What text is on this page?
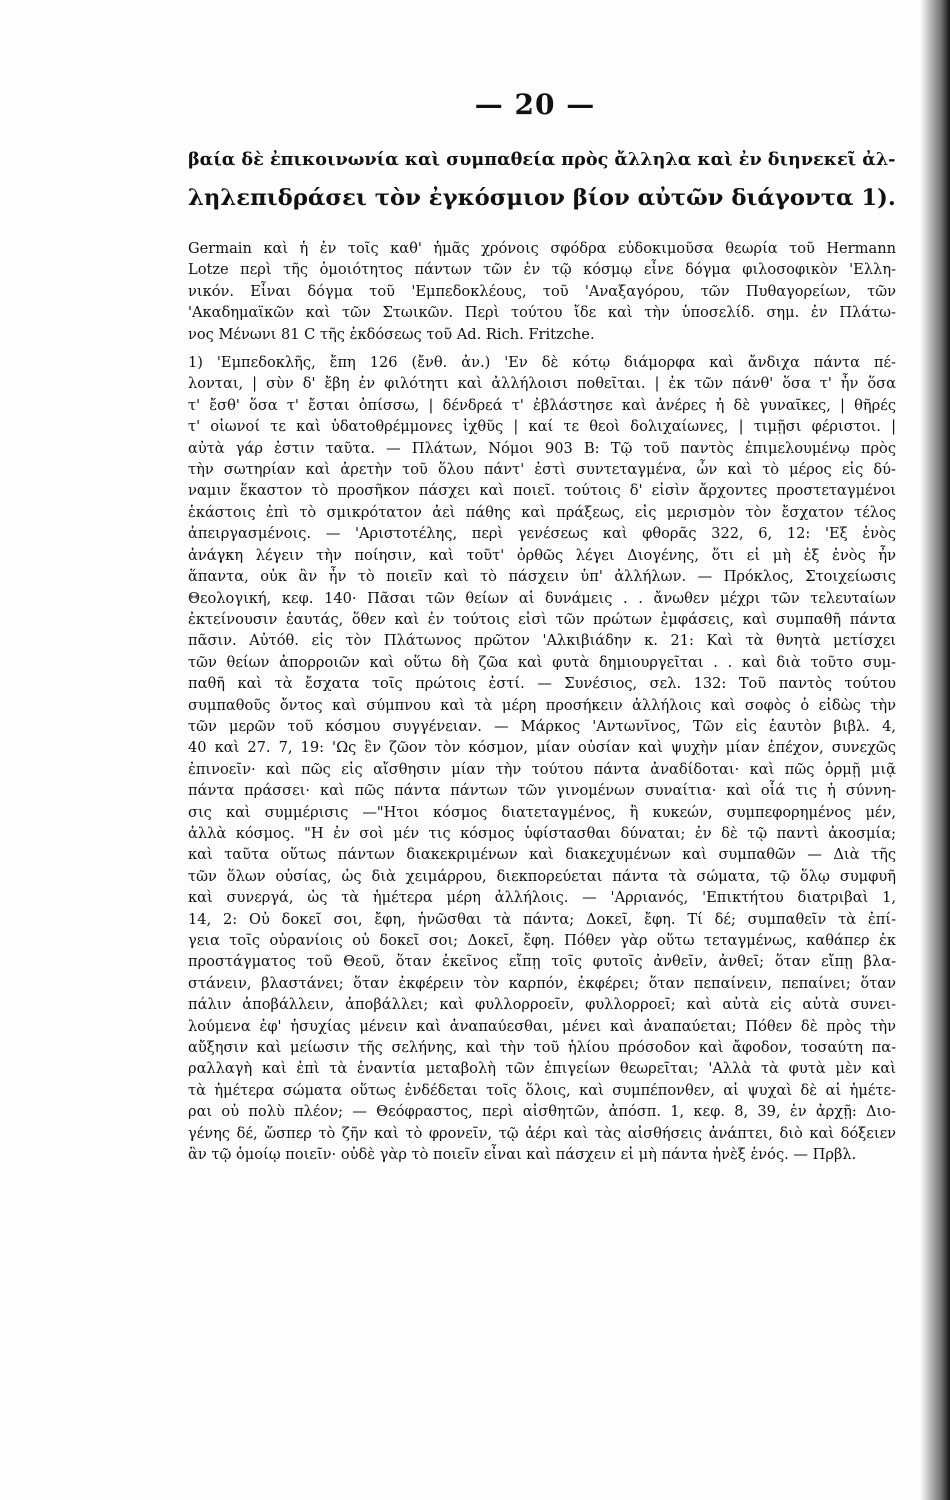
— 20 —
βαία δὲ ἐπικοινωνία καὶ συμπαθεία πρὸς ἄλληλα καὶ ἐν διηνεκεῖ ἀλ-
ληλεπιδράσει τὸν ἐγκόσμιον βίον αὐτῶν διάγοντα 1).
Germain καὶ ἡ ἐν τοῖς καθ' ἡμᾶς χρόνοις σφόδρα εὐδοκιμοῦσα θεωρία τοῦ Hermann
Lotze περὶ τῆς ὁμοιότητος πάντων τῶν ἐν τῷ κόσμῳ εἶνε δόγμα φιλοσοφικὸν 'Ελλη-
νικόν. Εἶναι δόγμα τοῦ 'Εμπεδοκλέους, τοῦ 'Αναξαγόρου, τῶν Πυθαγορείων, τῶν
'Ακαδημαϊκῶν καὶ τῶν Στωικῶν. Περὶ τούτου ἴδε καὶ τὴν ὑποσελίδ. σημ. ἐν Πλάτω-
νος Μένωνι 81 C τῆς ἐκδόσεως τοῦ Ad. Rich. Fritzche.
1) 'Εμπεδοκλῆς, ἔπη 126 (ἔνθ. ἀν.) 'Εν δὲ κότῳ διάμορφα καὶ ἄνδιχα πάντα πέ-
λονται, | σὺν δ' ἔβη ἐν φιλότητι καὶ ἀλλήλοισι ποθεῖται. | ἐκ τῶν πάνθ' ὅσα τ' ἦν ὅσα
τ' ἔσθ' ὅσα τ' ἔσται ὀπίσσω, | δένδρεά τ' ἐβλάστησε καὶ ἀνέρες ἠ δὲ γυναῖκες, | θῆρές
τ' οἰωνοί τε καὶ ὑδατοθρέμμονες ἰχθῦς | καί τε θεοὶ δολιχαίωνες, | τιμῇσι φέριστοι. |
αὐτὰ γάρ ἐστιν ταῦτα. — Πλάτων, Νόμοι 903 B: Τῷ τοῦ παντὸς ἐπιμελουμένῳ πρὸς
τὴν σωτηρίαν καὶ ἀρετὴν τοῦ ὅλου πάντ' ἐστὶ συντεταγμένα, ὧν καὶ τὸ μέρος εἰς δύ-
ναμιν ἕκαστον τὸ προσῆκον πάσχει καὶ ποιεῖ. τούτοις δ' εἰσὶν ἄρχοντες προστεταγμένοι
ἑκάστοις ἐπὶ τὸ σμικρότατον ἀεὶ πάθης καὶ πράξεως, εἰς μερισμὸν τὸν ἔσχατον τέλος
ἀπειργασμένοις. — 'Αριστοτέλης, περὶ γενέσεως καὶ φθορᾶς 322, 6, 12: 'Εξ ἑνὸς
ἀνάγκη λέγειν τὴν ποίησιν, καὶ τοῦτ' ὀρθῶς λέγει Διογένης, ὅτι εἰ μὴ ἐξ ἑνὸς ἦν
ἅπαντα, οὐκ ἂν ἦν τὸ ποιεῖν καὶ τὸ πάσχειν ὑπ' ἀλλήλων. — Πρόκλος, Στοιχείωσις
Θεολογική, κεφ. 140· Πᾶσαι τῶν θείων αἱ δυνάμεις . . ἄνωθεν μέχρι τῶν τελευταίων
ἐκτείνουσιν ἑαυτάς, ὅθεν καὶ ἐν τούτοις εἰσὶ τῶν πρώτων ἐμφάσεις, καὶ συμπαθῆ πάντα
πᾶσιν. Αὐτόθ. εἰς τὸν Πλάτωνος πρῶτον 'Αλκιβιάδην κ. 21: Καὶ τὰ θνητὰ μετίσχει
τῶν θείων ἀπορροιῶν καὶ οὕτω δὴ ζῶα καὶ φυτὰ δημιουργεῖται . . καὶ διὰ τοῦτο συμ-
παθῆ καὶ τὰ ἔσχατα τοῖς πρώτοις ἐστί. — Συνέσιος, σελ. 132: Τοῦ παντὸς τούτου
συμπαθοῦς ὄντος καὶ σύμπνου καὶ τὰ μέρη προσήκειν ἀλλήλοις καὶ σοφὸς ὁ εἰδὼς τὴν
τῶν μερῶν τοῦ κόσμου συγγένειαν. — Μάρκος 'Αντωνῖνος, Τῶν εἰς ἑαυτὸν βιβλ. 4,
40 καὶ 27. 7, 19: 'Ως ἓν ζῶον τὸν κόσμον, μίαν οὐσίαν καὶ ψυχὴν μίαν ἐπέχον, συνεχῶς
ἐπινοεῖν· καὶ πῶς εἰς αἴσθησιν μίαν τὴν τούτου πάντα ἀναδίδοται· καὶ πῶς ὁρμῇ μιᾷ
πάντα πράσσει· καὶ πῶς πάντα πάντων τῶν γινομένων συναίτια· καὶ οἷά τις ἡ σύννη-
σις καὶ συμμέρισις —"Ητοι κόσμος διατεταγμένος, ἢ κυκεών, συμπεφορημένος μέν,
ἀλλὰ κόσμος. "Η ἐν σοὶ μέν τις κόσμος ὑφίστασθαι δύναται; ἐν δὲ τῷ παντὶ ἀκοσμία;
καὶ ταῦτα οὕτως πάντων διακεκριμένων καὶ διακεχυμένων καὶ συμπαθῶν — Διὰ τῆς
τῶν ὅλων οὐσίας, ὡς διὰ χειμάρρου, διεκπορεύεται πάντα τὰ σώματα, τῷ ὅλῳ συμφυῆ
καὶ συνεργά, ὡς τὰ ἡμέτερα μέρη ἀλλήλοις. — 'Αρριανός, 'Επικτήτου διατριβαὶ 1,
14, 2: Οὐ δοκεῖ σοι, ἔφη, ἡνῶσθαι τὰ πάντα; Δοκεῖ, ἔφη. Τί δέ; συμπαθεῖν τὰ ἐπί-
γεια τοῖς οὐρανίοις οὐ δοκεῖ σοι; Δοκεῖ, ἔφη. Πόθεν γὰρ οὕτω τεταγμένως, καθάπερ ἐκ
προστάγματος τοῦ Θεοῦ, ὅταν ἐκεῖνος εἴπῃ τοῖς φυτοῖς ἀνθεῖν, ἀνθεῖ; ὅταν εἴπῃ βλα-
στάνειν, βλαστάνει; ὅταν ἐκφέρειν τὸν καρπόν, ἐκφέρει; ὅταν πεπαίνειν, πεπαίνει; ὅταν
πάλιν ἀποβάλλειν, ἀποβάλλει; καὶ φυλλορροεῖν, φυλλορροεῖ; καὶ αὐτὰ εἰς αὐτὰ συνει-
λούμενα ἐφ' ἡσυχίας μένειν καὶ ἀναπαύεσθαι, μένει καὶ ἀναπαύεται; Πόθεν δὲ πρὸς τὴν
αὔξησιν καὶ μείωσιν τῆς σελήνης, καὶ τὴν τοῦ ἡλίου πρόσοδον καὶ ἄφοδον, τοσαύτη πα-
ραλλαγὴ καὶ ἐπὶ τὰ ἐναντία μεταβολὴ τῶν ἐπιγείων θεωρεῖται; 'Αλλὰ τὰ φυτὰ μὲν καὶ
τὰ ἡμέτερα σώματα οὕτως ἐνδέδεται τοῖς ὅλοις, καὶ συμπέπονθεν, αἱ ψυχαὶ δὲ αἱ ἡμέτε-
ραι οὐ πολὺ πλέον; — Θεόφραστος, περὶ αἰσθητῶν, ἀπόσπ. 1, κεφ. 8, 39, ἐν ἀρχῇ: Διο-
γένης δέ, ὥσπερ τὸ ζῆν καὶ τὸ φρονεῖν, τῷ ἀέρι καὶ τὰς αἰσθήσεις ἀνάπτει, διὸ καὶ δόξειεν
ἂν τῷ ὁμοίῳ ποιεῖν· οὐδὲ γὰρ τὸ ποιεῖν εἶναι καὶ πάσχειν εἰ μὴ πάντα ἠνὲξ ἑνός. — Πρβλ.
